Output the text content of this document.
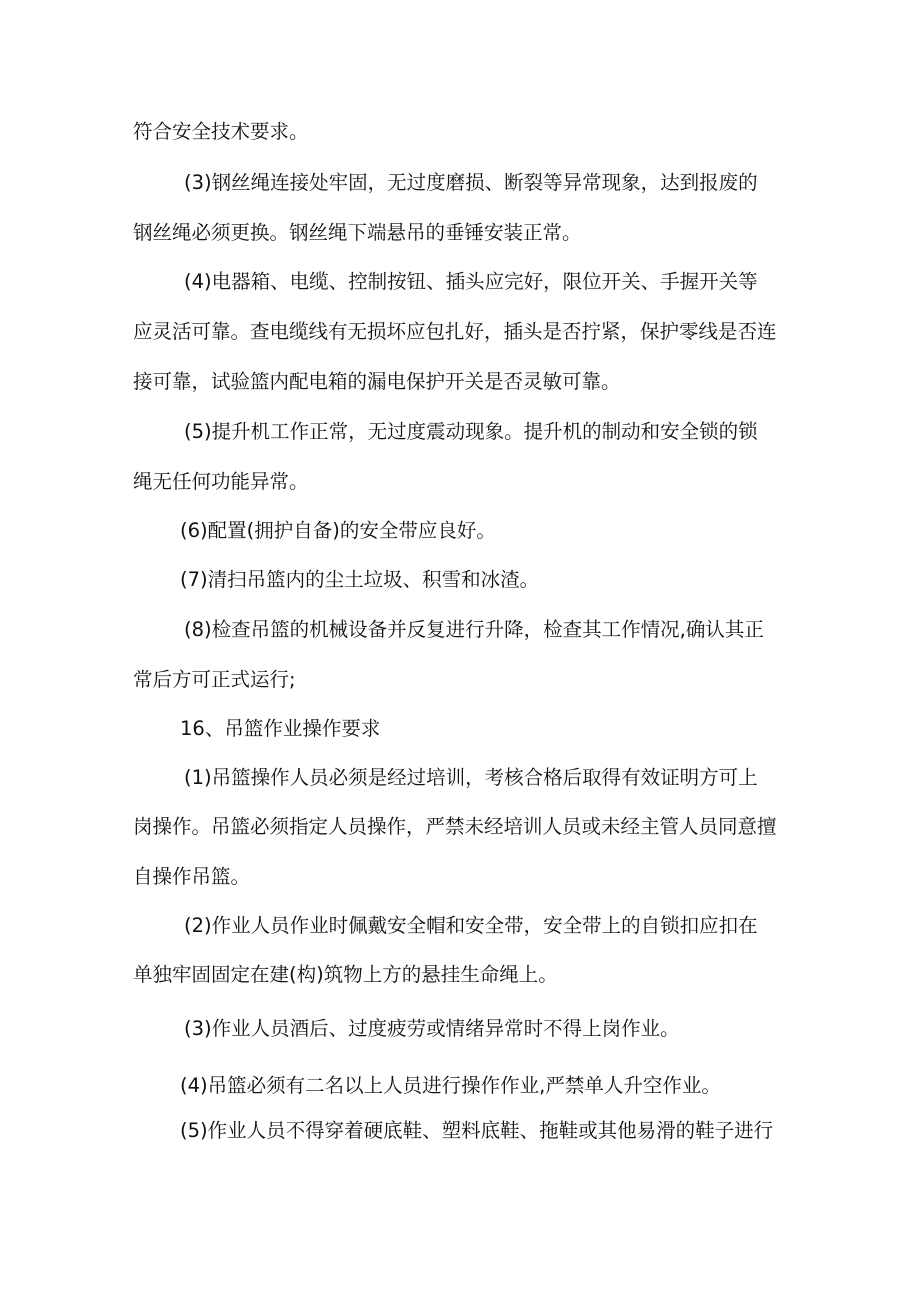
符合安全技术要求。
(3)钢丝绳连接处牢固，无过度磨损、断裂等异常现象，达到报废的
钢丝绳必须更换。钢丝绳下端悬吊的垂锤安装正常。
(4)电器箱、电缆、控制按钮、插头应完好，限位开关、手握开关等
应灵活可靠。查电缆线有无损坏应包扎好，插头是否拧紧，保护零线是否连
接可靠，试验篮内配电箱的漏电保护开关是否灵敏可靠。
(5)提升机工作正常，无过度震动现象。提升机的制动和安全锁的锁
绳无任何功能异常。
(6)配置(拥护自备)的安全带应良好。
(7)清扫吊篮内的尘土垃圾、积雪和冰渣。
(8)检查吊篮的机械设备并反复进行升降，检查其工作情况,确认其正
常后方可正式运行;
16、吊篮作业操作要求
(1)吊篮操作人员必须是经过培训，考核合格后取得有效证明方可上
岗操作。吊篮必须指定人员操作，严禁未经培训人员或未经主管人员同意擅
自操作吊篮。
(2)作业人员作业时佩戴安全帽和安全带，安全带上的自锁扣应扣在
单独牢固固定在建(构)筑物上方的悬挂生命绳上。
(3)作业人员酒后、过度疲劳或情绪异常时不得上岗作业。
(4)吊篮必须有二名以上人员进行操作作业,严禁单人升空作业。
(5)作业人员不得穿着硬底鞋、塑料底鞋、拖鞋或其他易滑的鞋子进行
